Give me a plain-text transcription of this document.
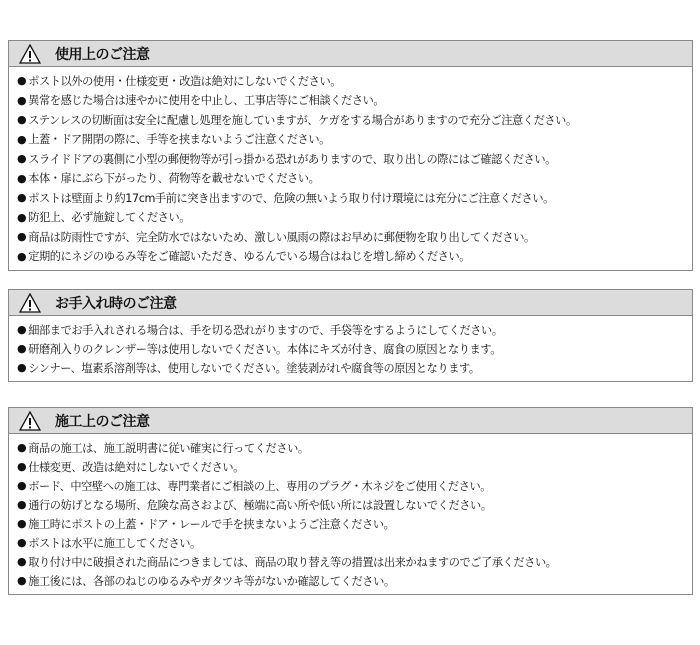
使用上のご注意
● ポスト以外の使用・仕様変更・改造は絶対にしないでください。
● 異常を感じた場合は速やかに使用を中止し、工事店等にご相談ください。
● ステンレスの切断面は安全に配慮し処理を施していますが、ケガをする場合がありますので充分ご注意ください。
● 上蓋・ドア開閉の際に、手等を挟まないようご注意ください。
● スライドドアの裏側に小型の郵便物等が引っ掛かる恐れがありますので、取り出しの際にはご確認ください。
● 本体・扉にぶら下がったり、荷物等を載せないでください。
● ポストは壁面より約17cm手前に突き出ますので、危険の無いよう取り付け環境には充分にご注意ください。
● 防犯上、必ず施錠してください。
● 商品は防雨性ですが、完全防水ではないため、激しい風雨の際はお早めに郵便物を取り出してください。
● 定期的にネジのゆるみ等をご確認いただき、ゆるんでいる場合はねじを増し締めください。
お手入れ時のご注意
● 細部までお手入れされる場合は、手を切る恐れがりますので、手袋等をするようにしてください。
● 研磨剤入りのクレンザー等は使用しないでください。本体にキズが付き、腐食の原因となります。
● シンナー、塩素系溶剤等は、使用しないでください。塗装剥がれや腐食等の原因となります。
施工上のご注意
● 商品の施工は、施工説明書に従い確実に行ってください。
● 仕様変更、改造は絶対にしないでください。
● ボード、中空壁への施工は、専門業者にご相談の上、専用のプラグ・木ネジをご使用ください。
● 通行の妨げとなる場所、危険な高さおよび、極端に高い所や低い所には設置しないでください。
● 施工時にポストの上蓋・ドア・レールで手を挟まないようご注意ください。
● ポストは水平に施工してください。
● 取り付け中に破損された商品につきましては、商品の取り替え等の措置は出来かねますのでご了承ください。
● 施工後には、各部のねじのゆるみやガタツキ等がないか確認してください。
